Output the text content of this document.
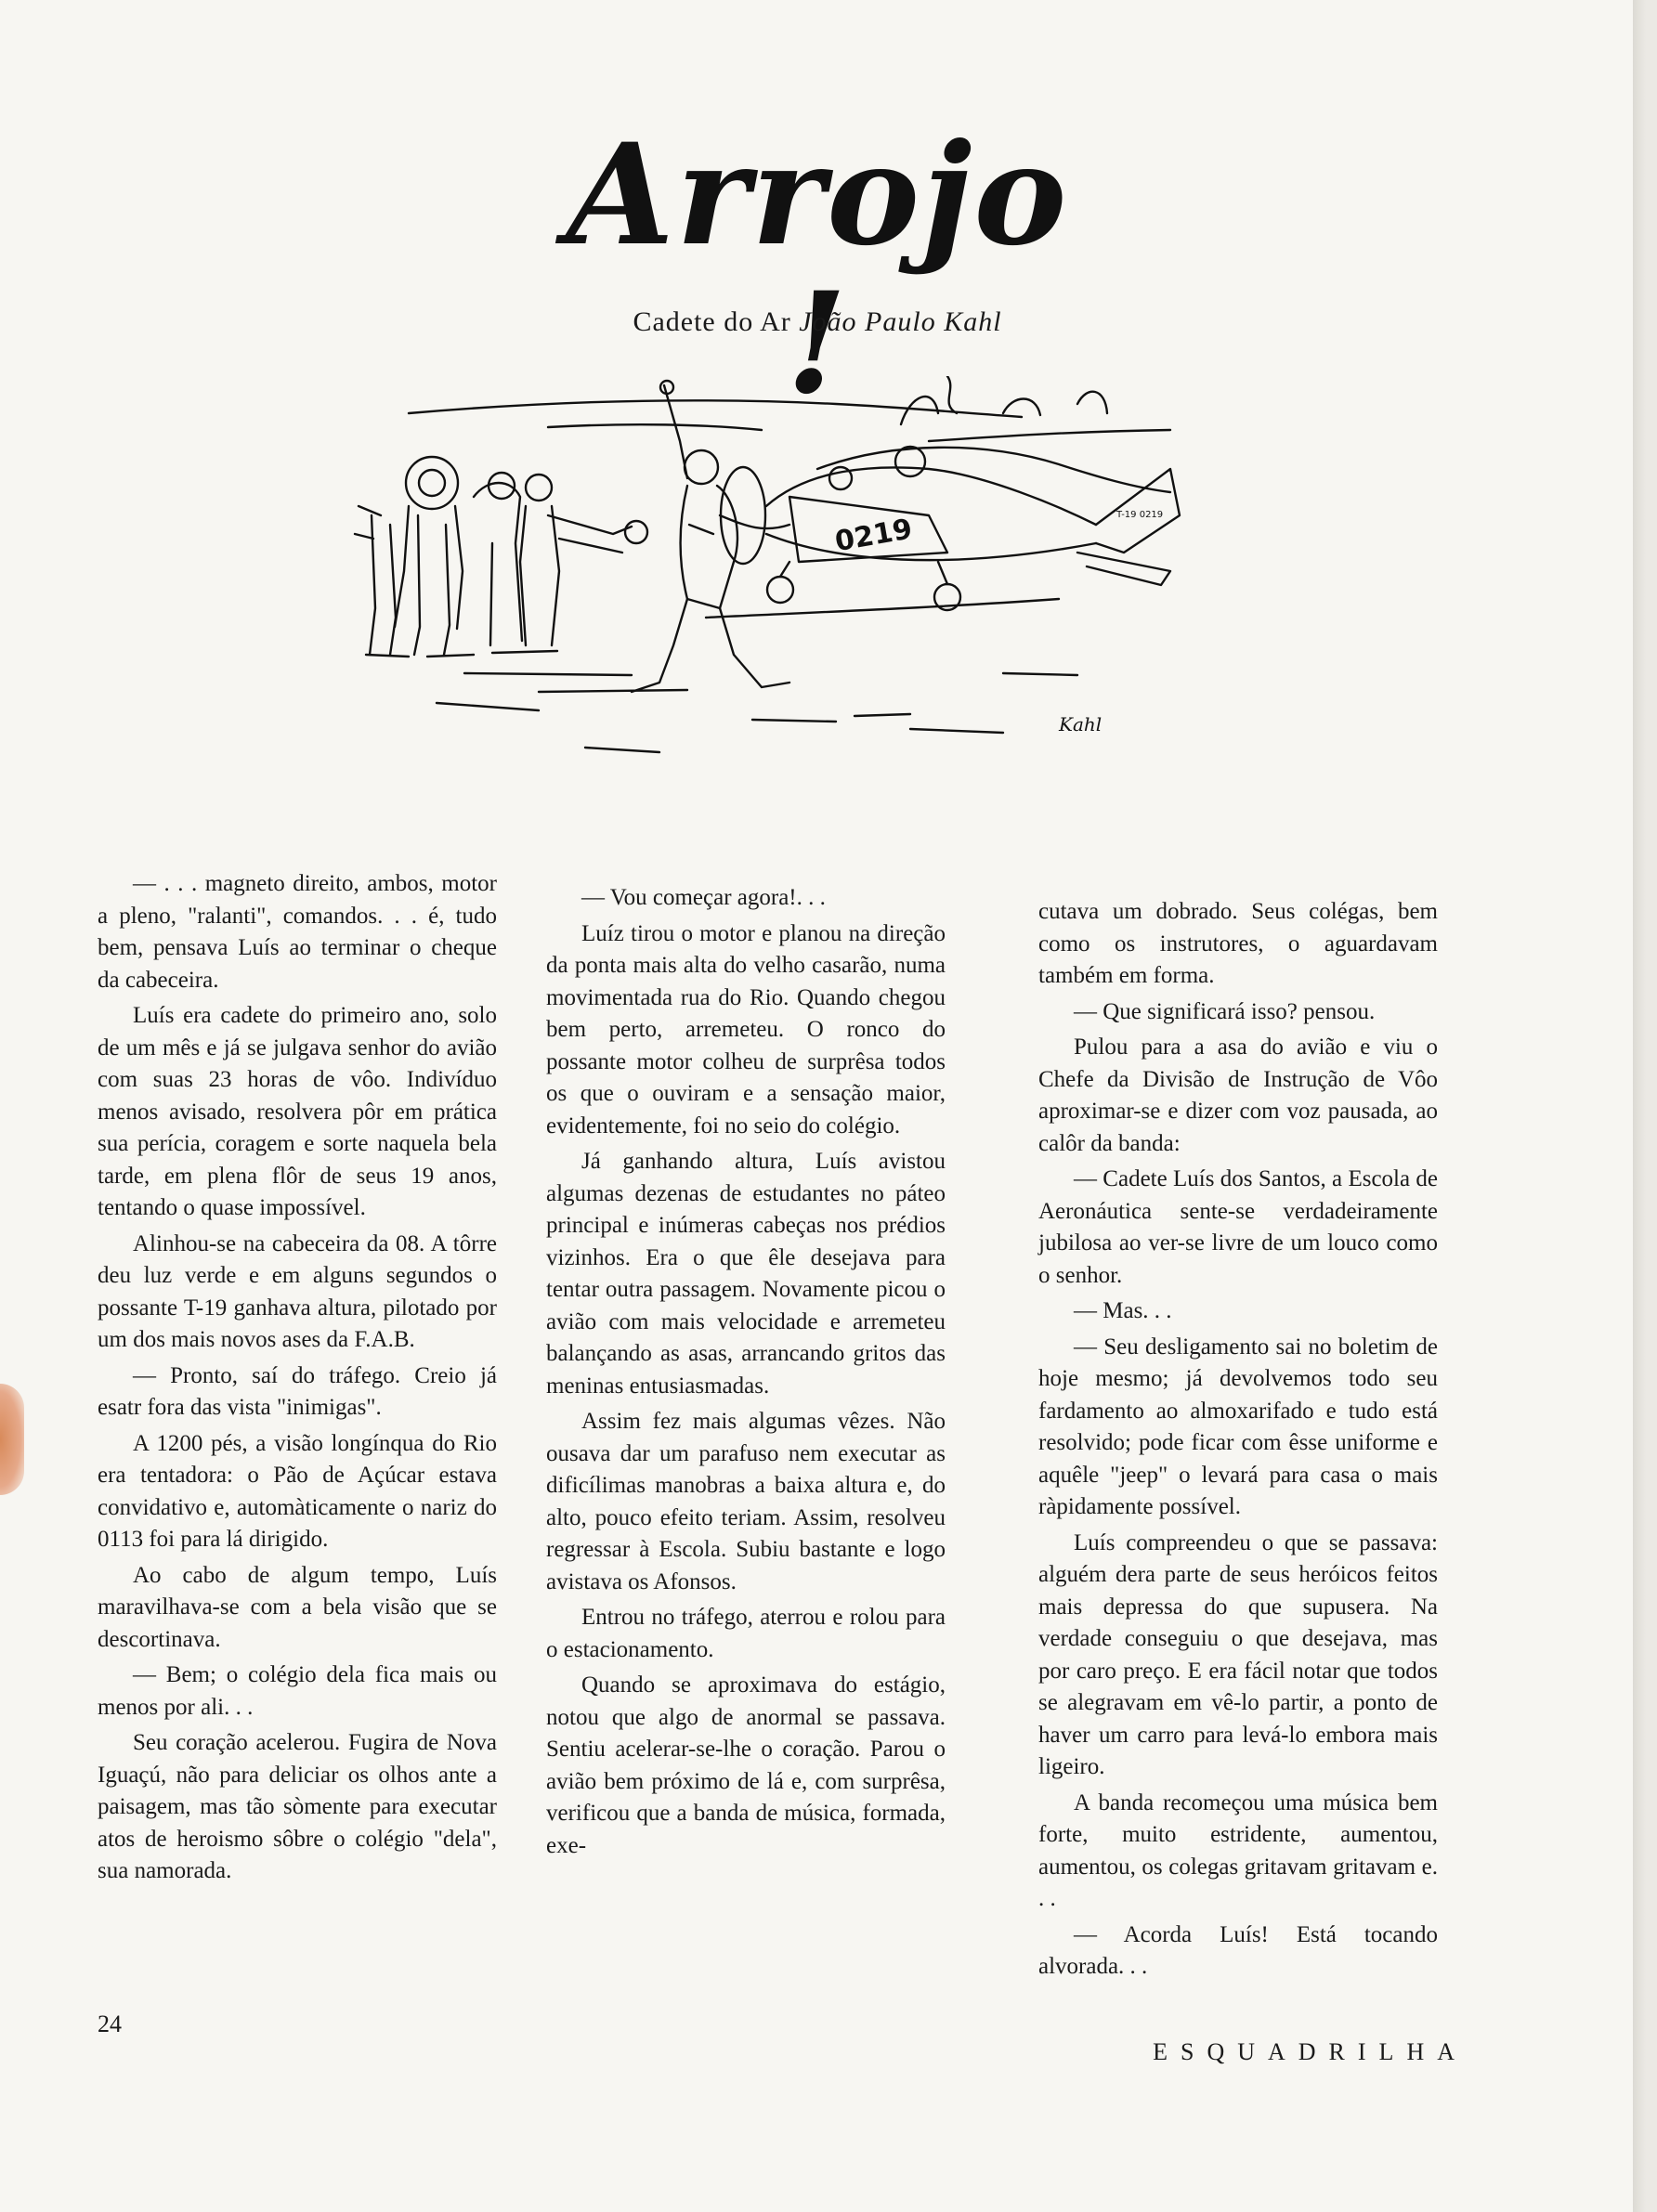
Arrojo !
Cadete do Ar João Paulo Kahl
0219	T-19 0219
Kahl

— . . . magneto direito, ambos, motor a pleno, "ralanti", comandos. . . é, tudo bem, pensava Luís ao terminar o cheque da cabeceira.

Luís era cadete do primeiro ano, solo de um mês e já se julgava senhor do avião com suas 23 horas de vôo. Indivíduo menos avisado, resolvera pôr em prática sua perícia, coragem e sorte naquela bela tarde, em plena flôr de seus 19 anos, tentando o quase impossível.

Alinhou-se na cabeceira da 08. A tôrre deu luz verde e em alguns segundos o possante T-19 ganhava altura, pilotado por um dos mais novos ases da F.A.B.

— Pronto, saí do tráfego. Creio já esatr fora das vista "inimigas".

A 1200 pés, a visão longínqua do Rio era tentadora: o Pão de Açúcar estava convidativo e, automàticamente o nariz do 0113 foi para lá dirigido.

Ao cabo de algum tempo, Luís maravilhava-se com a bela visão que se descortinava.

— Bem; o colégio dela fica mais ou menos por ali. . .

Seu coração acelerou. Fugira de Nova Iguaçú, não para deliciar os olhos ante a paisagem, mas tão sòmente para executar atos de heroismo sôbre o colégio "dela", sua namorada.

— Vou começar agora!. . .

Luíz tirou o motor e planou na direção da ponta mais alta do velho casarão, numa movimentada rua do Rio. Quando chegou bem perto, arremeteu. O ronco do possante motor colheu de surprêsa todos os que o ouviram e a sensação maior, evidentemente, foi no seio do colégio.

Já ganhando altura, Luís avistou algumas dezenas de estudantes no páteo principal e inúmeras cabeças nos prédios vizinhos. Era o que êle desejava para tentar outra passagem. Novamente picou o avião com mais velocidade e arremeteu balançando as asas, arrancando gritos das meninas entusiasmadas.

Assim fez mais algumas vêzes. Não ousava dar um parafuso nem executar as dificílimas manobras a baixa altura e, do alto, pouco efeito teriam. Assim, resolveu regressar à Escola. Subiu bastante e logo avistava os Afonsos.

Entrou no tráfego, aterrou e rolou para o estacionamento.

Quando se aproximava do estágio, notou que algo de anormal se passava. Sentiu acelerar-se-lhe o coração. Parou o avião bem próximo de lá e, com surprêsa, verificou que a banda de música, formada, exe-

cutava um dobrado. Seus colégas, bem como os instrutores, o aguardavam também em forma.

— Que significará isso? pensou.

Pulou para a asa do avião e viu o Chefe da Divisão de Instrução de Vôo aproximar-se e dizer com voz pausada, ao calôr da banda:

— Cadete Luís dos Santos, a Escola de Aeronáutica sente-se verdadeiramente jubilosa ao ver-se livre de um louco como o senhor.

— Mas. . .

— Seu desligamento sai no boletim de hoje mesmo; já devolvemos todo seu fardamento ao almoxarifado e tudo está resolvido; pode ficar com êsse uniforme e aquêle "jeep" o levará para casa o mais ràpidamente possível.

Luís compreendeu o que se passava: alguém dera parte de seus heróicos feitos mais depressa do que supusera. Na verdade conseguiu o que desejava, mas por caro preço. E era fácil notar que todos se alegravam em vê-lo partir, a ponto de haver um carro para levá-lo embora mais ligeiro.

A banda recomeçou uma música bem forte, muito estridente, aumentou, aumentou, os colegas gritavam gritavam e. . .

— Acorda Luís! Está tocando alvorada. . .

24
ESQUADRILHA
